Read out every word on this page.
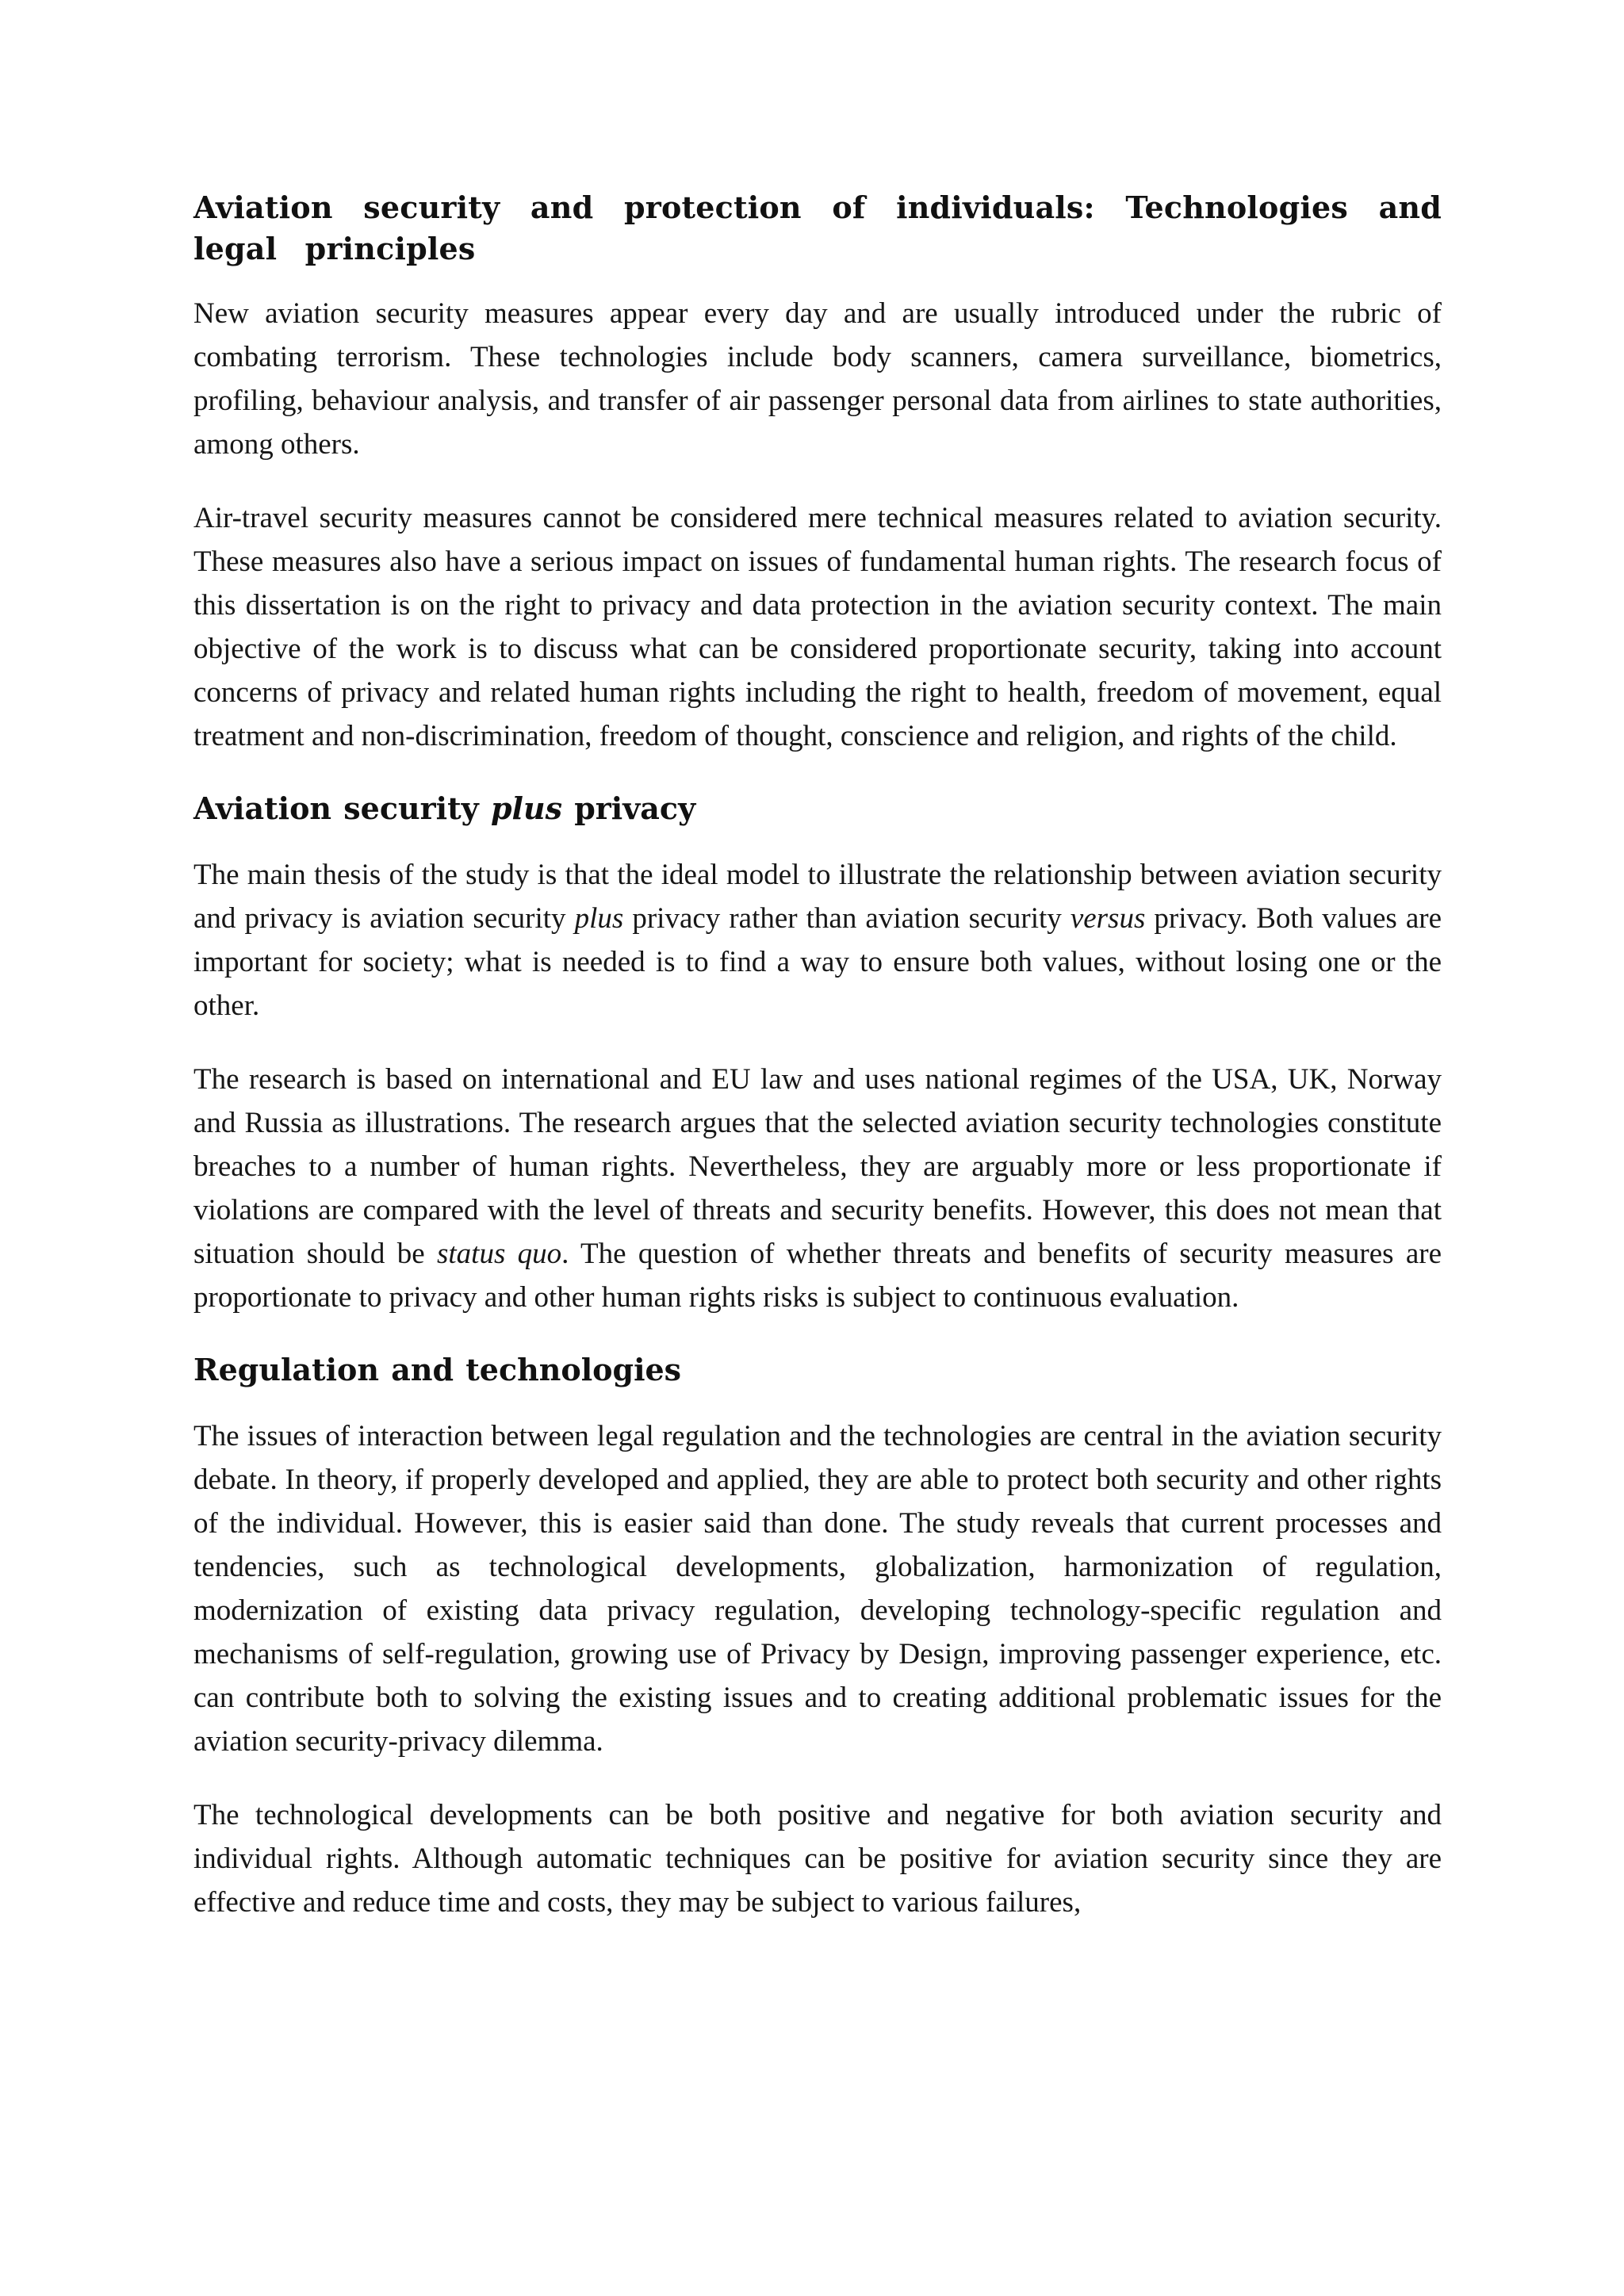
Aviation security and protection of individuals: Technologies and legal principles

New aviation security measures appear every day and are usually introduced under the rubric of combating terrorism. These technologies include body scanners, camera surveillance, biometrics, profiling, behaviour analysis, and transfer of air passenger personal data from airlines to state authorities, among others.

Air-travel security measures cannot be considered mere technical measures related to aviation security. These measures also have a serious impact on issues of fundamental human rights. The research focus of this dissertation is on the right to privacy and data protection in the aviation security context. The main objective of the work is to discuss what can be considered proportionate security, taking into account concerns of privacy and related human rights including the right to health, freedom of movement, equal treatment and non-discrimination, freedom of thought, conscience and religion, and rights of the child.

Aviation security plus privacy

The main thesis of the study is that the ideal model to illustrate the relationship between aviation security and privacy is aviation security plus privacy rather than aviation security versus privacy. Both values are important for society; what is needed is to find a way to ensure both values, without losing one or the other.

The research is based on international and EU law and uses national regimes of the USA, UK, Norway and Russia as illustrations. The research argues that the selected aviation security technologies constitute breaches to a number of human rights. Nevertheless, they are arguably more or less proportionate if violations are compared with the level of threats and security benefits. However, this does not mean that situation should be status quo. The question of whether threats and benefits of security measures are proportionate to privacy and other human rights risks is subject to continuous evaluation.

Regulation and technologies

The issues of interaction between legal regulation and the technologies are central in the aviation security debate. In theory, if properly developed and applied, they are able to protect both security and other rights of the individual. However, this is easier said than done. The study reveals that current processes and tendencies, such as technological developments, globalization, harmonization of regulation, modernization of existing data privacy regulation, developing technology-specific regulation and mechanisms of self-regulation, growing use of Privacy by Design, improving passenger experience, etc. can contribute both to solving the existing issues and to creating additional problematic issues for the aviation security-privacy dilemma.

The technological developments can be both positive and negative for both aviation security and individual rights. Although automatic techniques can be positive for aviation security since they are effective and reduce time and costs, they may be subject to various failures,
